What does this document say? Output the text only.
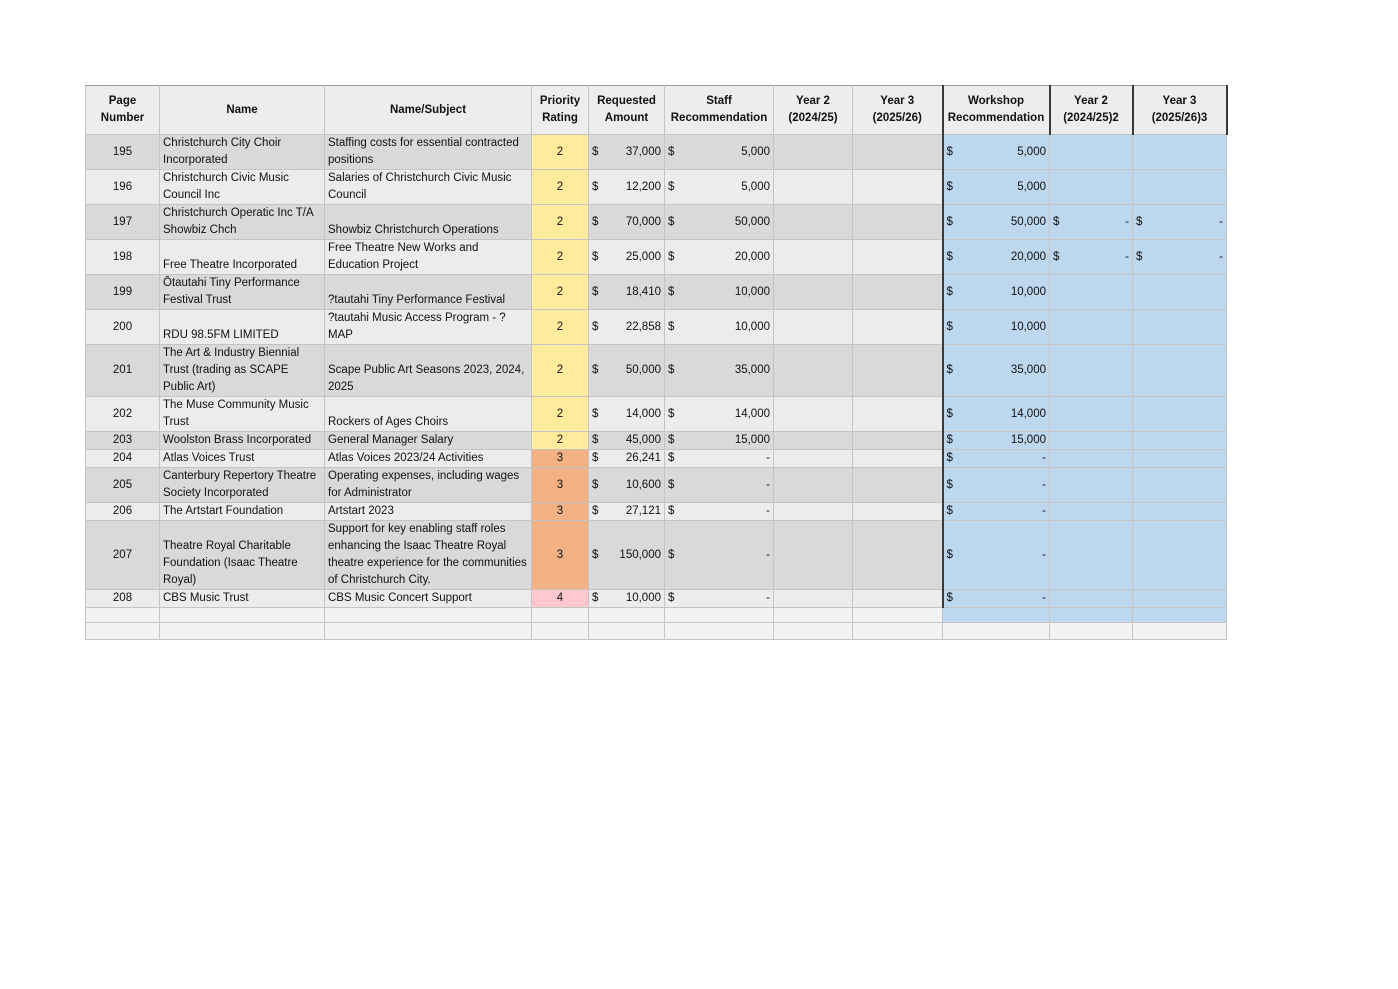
Page Number	Name	Name/Subject	Priority Rating	Requested Amount	Staff Recommendation	Year 2 (2024/25)	Year 3 (2025/26)	Workshop Recommendation	Year 2 (2024/25)2	Year 3 (2025/26)3
195	Christchurch City Choir Incorporated	Staffing costs for essential contracted positions	2	$ 37,000	$ 5,000			$ 5,000		

196	Christchurch Civic Music Council Inc	Salaries of Christchurch Civic Music Council	2	$ 12,200	$ 5,000			$ 5,000		

197	Christchurch Operatic Inc T/A Showbiz Chch	Showbiz Christchurch Operations	2	$ 70,000	$ 50,000			$ 50,000	$ -	$ -

198	Free Theatre Incorporated	Free Theatre New Works and Education Project	2	$ 25,000	$ 20,000			$ 20,000	$ -	$ -

199	Ōtautahi Tiny Performance Festival Trust	?tautahi Tiny Performance Festival	2	$ 18,410	$ 10,000			$ 10,000		

200	RDU 98.5FM LIMITED	?tautahi Music Access Program - ?MAP	2	$ 22,858	$ 10,000			$ 10,000		

201	The Art & Industry Biennial Trust (trading as SCAPE Public Art)	Scape Public Art Seasons 2023, 2024, 2025	2	$ 50,000	$ 35,000			$ 35,000		

202	The Muse Community Music Trust	Rockers of Ages Choirs	2	$ 14,000	$ 14,000			$ 14,000		

203	Woolston Brass Incorporated	General Manager Salary	2	$ 45,000	$ 15,000			$ 15,000		

204	Atlas Voices Trust	Atlas Voices 2023/24 Activities	3	$ 26,241	$ -			$ -		

205	Canterbury Repertory Theatre Society Incorporated	Operating expenses, including wages for Administrator	3	$ 10,600	$ -			$ -		

206	The Artstart Foundation	Artstart 2023	3	$ 27,121	$ -			$ -		

207	Theatre Royal Charitable Foundation (Isaac Theatre Royal)	Support for key enabling staff roles enhancing the Isaac Theatre Royal theatre experience for the communities of Christchurch City.	3	$ 150,000	$ -			$ -		

208	CBS Music Trust	CBS Music Concert Support	4	$ 10,000	$ -			$ -		
